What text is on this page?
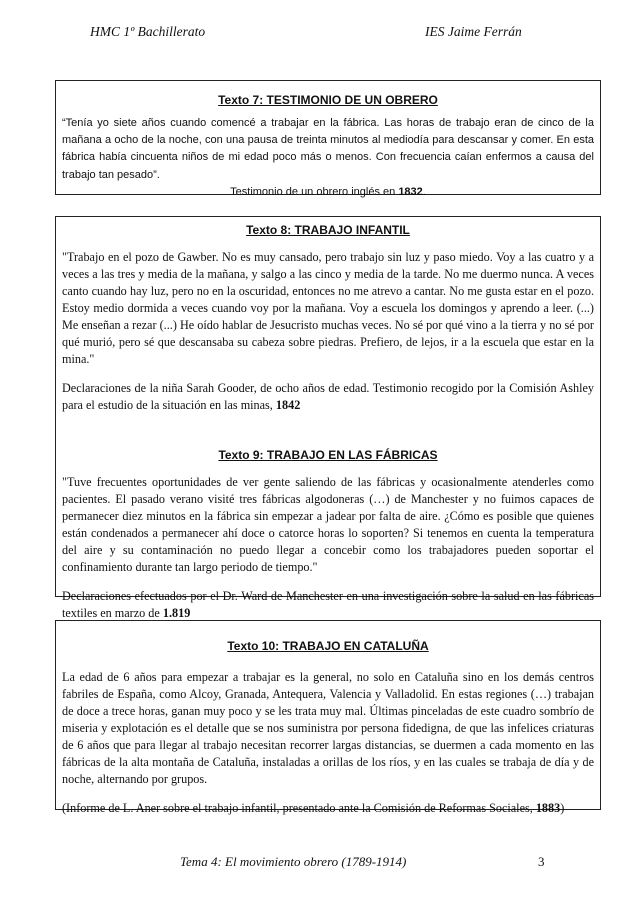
HMC 1º Bachillerato	IES Jaime Ferrán

Texto 7: TESTIMONIO DE UN OBRERO

“Tenía yo siete años cuando comencé a trabajar en la fábrica. Las horas de trabajo eran de cinco de la mañana a ocho de la noche, con una pausa de treinta minutos al mediodía para descansar y comer. En esta fábrica había cincuenta niños de mi edad poco más o menos. Con frecuencia caían enfermos a causa del trabajo tan pesado”.

Testimonio de un obrero inglés en 1832.

Texto 8: TRABAJO INFANTIL

"Trabajo en el pozo de Gawber. No es muy cansado, pero trabajo sin luz y paso miedo. Voy a las cuatro y a veces a las tres y media de la mañana, y salgo a las cinco y media de la tarde. No me duermo nunca. A veces canto cuando hay luz, pero no en la oscuridad, entonces no me atrevo a cantar. No me gusta estar en el pozo. Estoy medio dormida a veces cuando voy por la mañana. Voy a escuela los domingos y aprendo a leer. (...) Me enseñan a rezar (...) He oído hablar de Jesucristo muchas veces. No sé por qué vino a la tierra y no sé por qué murió, pero sé que descansaba su cabeza sobre piedras. Prefiero, de lejos, ir a la escuela que estar en la mina."

Declaraciones de la niña Sarah Gooder, de ocho años de edad. Testimonio recogido por la Comisión Ashley para el estudio de la situación en las minas, 1842

Texto 9: TRABAJO EN LAS FÁBRICAS

"Tuve frecuentes oportunidades de ver gente saliendo de las fábricas y ocasionalmente atenderles como pacientes. El pasado verano visité tres fábricas algodoneras (…) de Manchester y no fuimos capaces de permanecer diez minutos en la fábrica sin empezar a jadear por falta de aire. ¿Cómo es posible que quienes están condenados a permanecer ahí doce o catorce horas lo soporten? Si tenemos en cuenta la temperatura del aire y su contaminación no puedo llegar a concebir como los trabajadores pueden soportar el confinamiento durante tan largo periodo de tiempo."

Declaraciones efectuados por el Dr. Ward de Manchester en una investigación sobre la salud en las fábricas textiles en marzo de 1.819

Texto 10: TRABAJO EN CATALUÑA

La edad de 6 años para empezar a trabajar es la general, no solo en Cataluña sino en los demás centros fabriles de España, como Alcoy, Granada, Antequera, Valencia y Valladolid. En estas regiones (…) trabajan de doce a trece horas, ganan muy poco y se les trata muy mal. Últimas pinceladas de este cuadro sombrío de miseria y explotación es el detalle que se nos suministra por persona fidedigna, de que las infelices criaturas de 6 años que para llegar al trabajo necesitan recorrer largas distancias, se duermen a cada momento en las fábricas de la alta montaña de Cataluña, instaladas a orillas de los ríos, y en las cuales se trabaja de día y de noche, alternando por grupos.

(Informe de L. Aner sobre el trabajo infantil, presentado ante la Comisión de Reformas Sociales, 1883)

Tema 4: El movimiento obrero (1789-1914)	3
